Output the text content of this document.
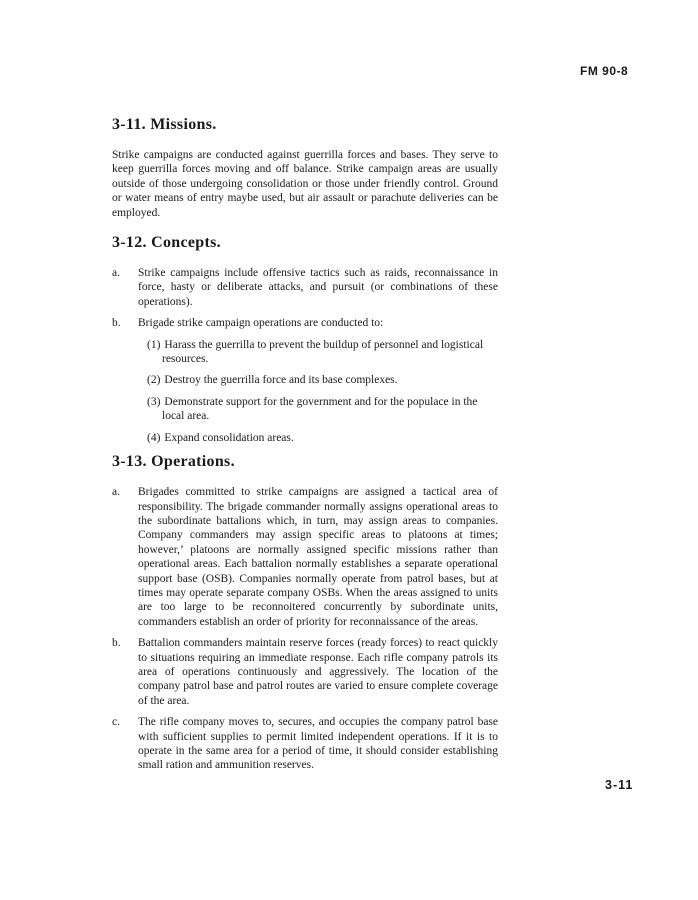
FM 90-8
3-11. Missions.

Strike campaigns are conducted against guerrilla forces and bases. They serve to keep guerrilla forces moving and off balance. Strike campaign areas are usually outside of those undergoing consolidation or those under friendly control. Ground or water means of entry maybe used, but air assault or parachute deliveries can be employed.

3-12. Concepts.
a. Strike campaigns include offensive tactics such as raids, reconnaissance in force, hasty or deliberate attacks, and pursuit (or combinations of these operations).
b. Brigade strike campaign operations are conducted to:
(1) Harass the guerrilla to prevent the buildup of personnel and logistical resources.
(2) Destroy the guerrilla force and its base complexes.
(3) Demonstrate support for the government and for the populace in the local area.
(4) Expand consolidation areas.
3-13. Operations.
a. Brigades committed to strike campaigns are assigned a tactical area of responsibility. The brigade commander normally assigns operational areas to the subordinate battalions which, in turn, may assign areas to companies. Company commanders may assign specific areas to platoons at times; however,’ platoons are normally assigned specific missions rather than operational areas. Each battalion normally establishes a separate operational support base (OSB). Companies normally operate from patrol bases, but at times may operate separate company OSBs. When the areas assigned to units are too large to be reconnoitered concurrently by subordinate units, commanders establish an order of priority for reconnaissance of the areas.
b. Battalion commanders maintain reserve forces (ready forces) to react quickly to situations requiring an immediate response. Each rifle company patrols its area of operations continuously and aggressively. The location of the company patrol base and patrol routes are varied to ensure complete coverage of the area.
c. The rifle company moves to, secures, and occupies the company patrol base with sufficient supplies to permit limited independent operations. If it is to operate in the same area for a period of time, it should consider establishing small ration and ammunition reserves.
3-11
